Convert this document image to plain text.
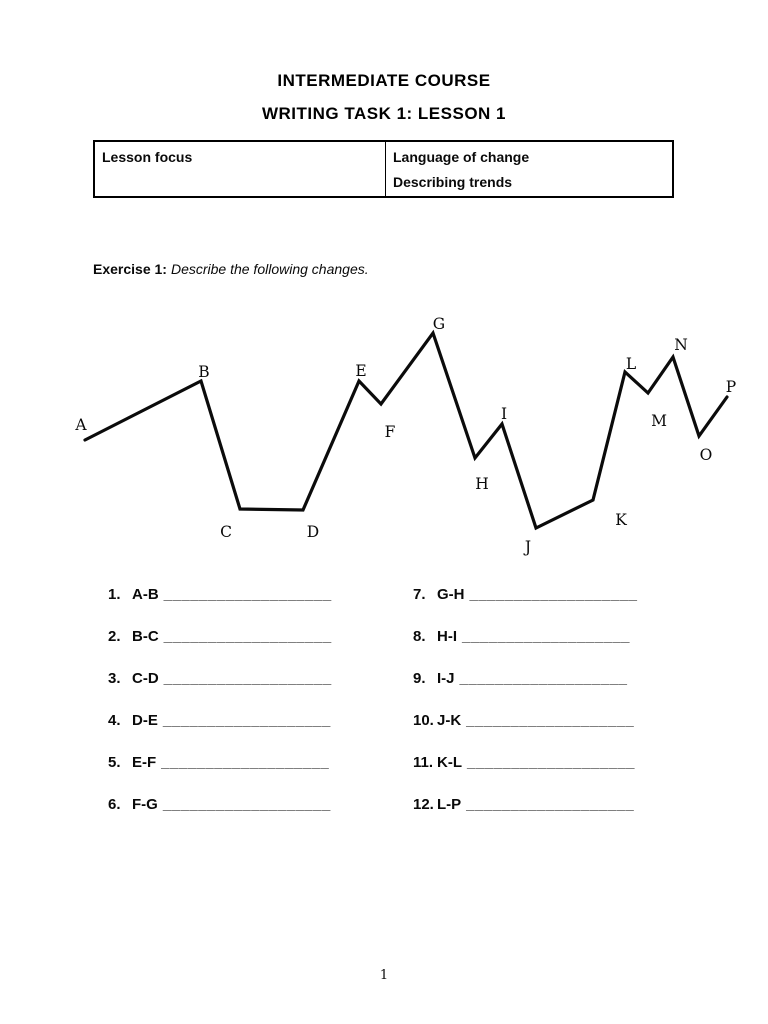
INTERMEDIATE COURSE
WRITING TASK 1: LESSON 1
Lesson focus	Language of change
Describing trends
Exercise 1: Describe the following changes.
A
B
C	D
E
F
G
H
I
J
K
L
M
N
O
P
1. A-B ___________________
2. B-C ___________________
3. C-D ___________________
4. D-E ___________________
5. E-F ___________________
6. F-G ___________________
7. G-H ___________________
8. H-I ___________________
9. I-J ___________________
10. J-K ___________________
11. K-L ___________________
12. L-P ___________________
1
